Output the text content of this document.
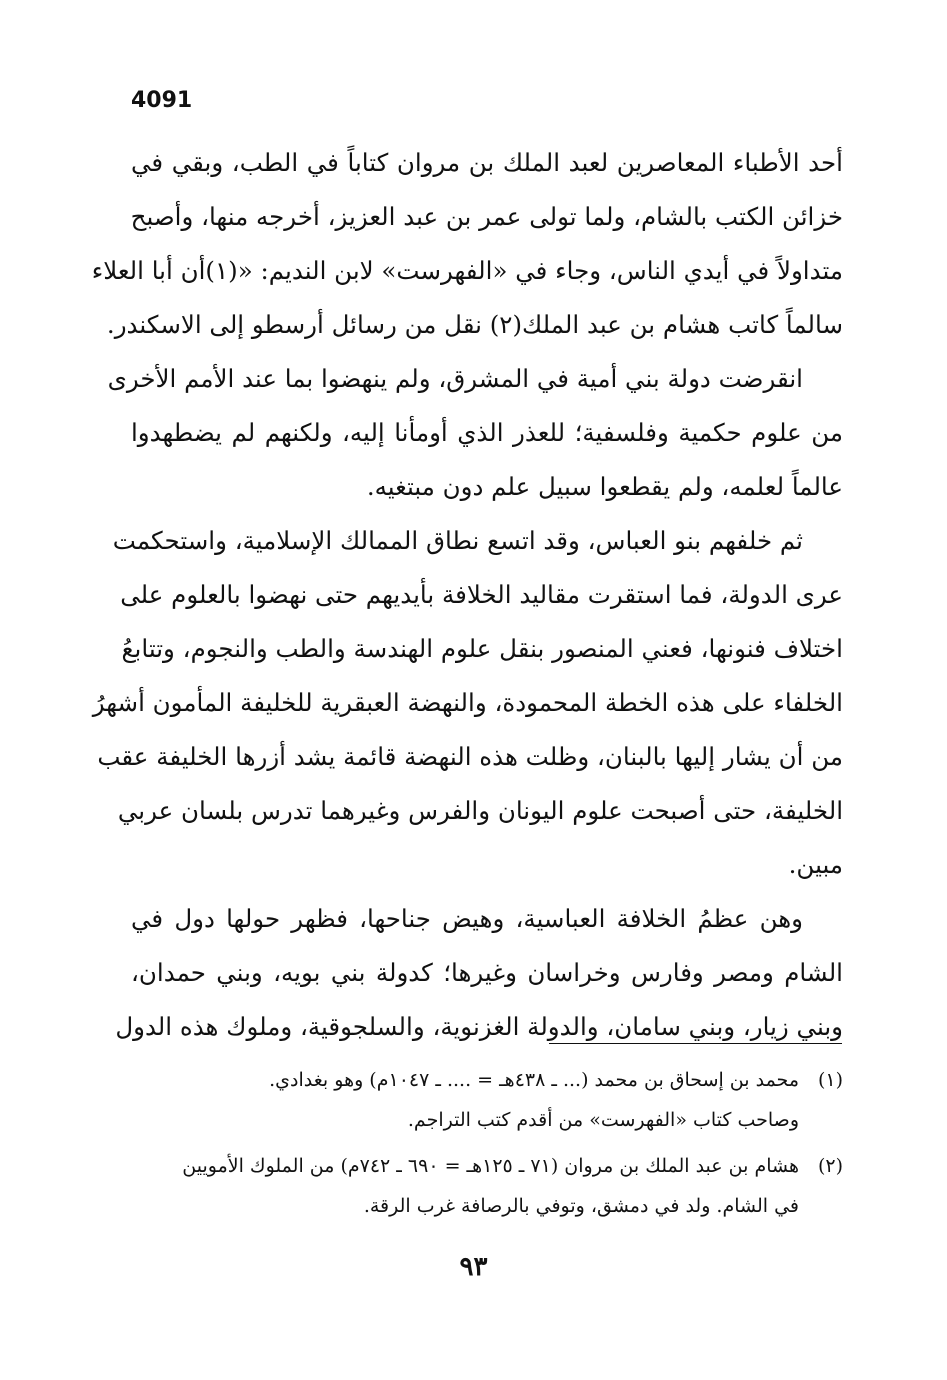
4091
أحد الأطباء المعاصرين لعبد الملك بن مروان كتاباً في الطب، وبقي في
خزائن الكتب بالشام، ولما تولى عمر بن عبد العزيز، أخرجه منها، وأصبح
متداولاً في أيدي الناس، وجاء في «الفهرست» لابن النديم: «(١)أن أبا العلاء
سالماً كاتب هشام بن عبد الملك(٢) نقل من رسائل أرسطو إلى الاسكندر.
انقرضت دولة بني أمية في المشرق، ولم ينهضوا بما عند الأمم الأخرى
من علوم حكمية وفلسفية؛ للعذر الذي أومأنا إليه، ولكنهم لم يضطهدوا
عالماً لعلمه، ولم يقطعوا سبيل علم دون مبتغيه.
ثم خلفهم بنو العباس، وقد اتسع نطاق الممالك الإسلامية، واستحكمت
عرى الدولة، فما استقرت مقاليد الخلافة بأيديهم حتى نهضوا بالعلوم على
اختلاف فنونها، فعني المنصور بنقل علوم الهندسة والطب والنجوم، وتتابعُ
الخلفاء على هذه الخطة المحمودة، والنهضة العبقرية للخليفة المأمون أشهرُ
من أن يشار إليها بالبنان، وظلت هذه النهضة قائمة يشد أزرها الخليفة عقب
الخليفة، حتى أصبحت علوم اليونان والفرس وغيرهما تدرس بلسان عربي
مبين.
وهن عظمُ الخلافة العباسية، وهيض جناحها، فظهر حولها دول في
الشام ومصر وفارس وخراسان وغيرها؛ كدولة بني بويه، وبني حمدان،
وبني زيار، وبني سامان، والدولة الغزنوية، والسلجوقية، وملوك هذه الدول
(١)محمد بن إسحاق بن محمد (... ـ ٤٣٨هـ = .... ـ ١٠٤٧م) وهو بغدادي.
وصاحب كتاب «الفهرست» من أقدم كتب التراجم.
(٢)هشام بن عبد الملك بن مروان (٧١ ـ ١٢٥هـ = ٦٩٠ ـ ٧٤٢م) من الملوك الأمويين
في الشام. ولد في دمشق، وتوفي بالرصافة غرب الرقة.
٩٣
